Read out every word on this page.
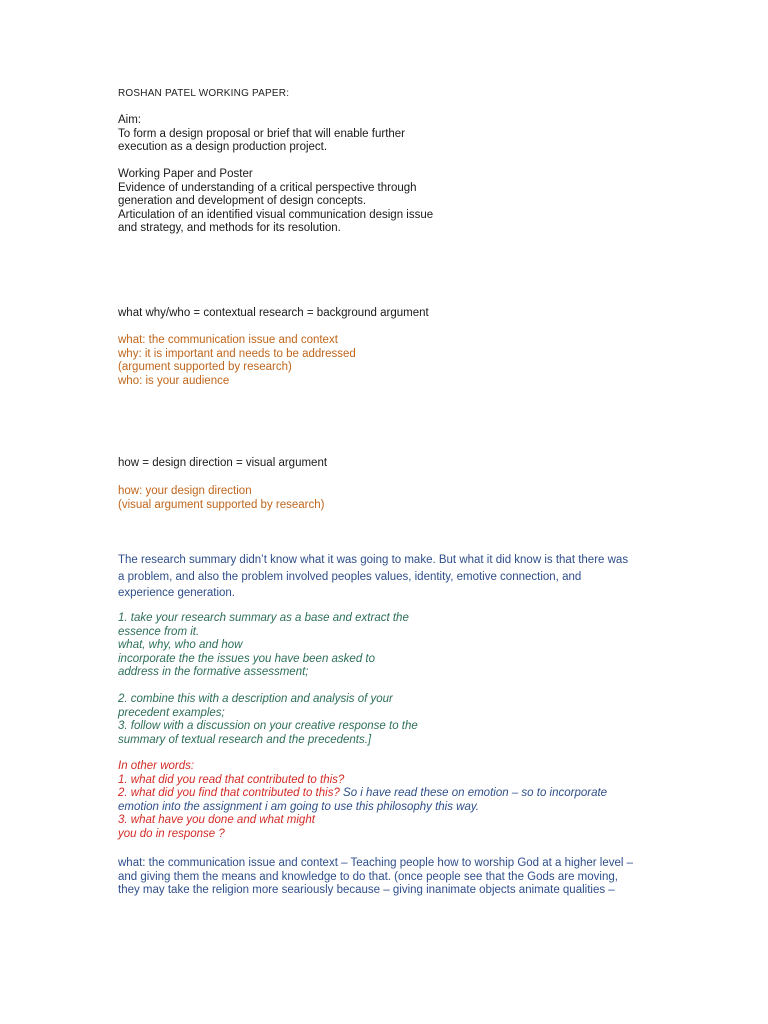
ROSHAN PATEL WORKING PAPER:
Aim:
To form a design proposal or brief that will enable further
execution as a design production project.
Working Paper and Poster
Evidence of understanding of a critical perspective through
generation and development of design concepts.
Articulation of an identified visual communication design issue
and strategy, and methods for its resolution.
what why/who = contextual research = background argument
what: the communication issue and context
why: it is important and needs to be addressed
(argument supported by research)
who: is your audience
how = design direction = visual argument
how: your design direction
(visual argument supported by research)
The research summary didn’t know what it was going to make. But what it did know is that there was
a problem, and also the problem involved peoples values, identity, emotive connection, and
experience generation.
1. take your research summary as a base and extract the
essence from it.
what, why, who and how
incorporate the the issues you have been asked to
address in the formative assessment;
2. combine this with a description and analysis of your
precedent examples;
3. follow with a discussion on your creative response to the
summary of textual research and the precedents.]
In other words:
1. what did you read that contributed to this?
2. what did you find that contributed to this? So i have read these on emotion – so to incorporate
emotion into the assignment i am going to use this philosophy this way.
3. what have you done and what might
you do in response ?
what: the communication issue and context – Teaching people how to worship God at a higher level –
and giving them the means and knowledge to do that. (once people see that the Gods are moving,
they may take the religion more seariously because – giving inanimate objects animate qualities –
